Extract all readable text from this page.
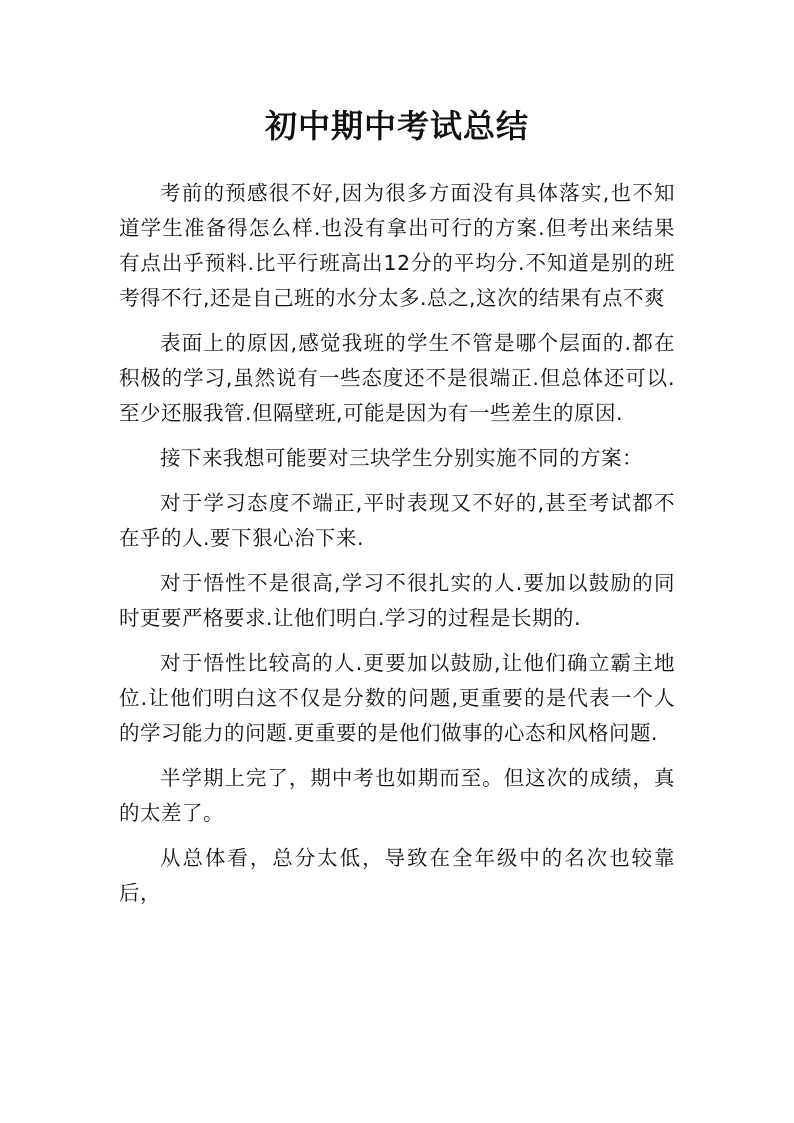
初中期中考试总结

考前的预感很不好,因为很多方面没有具体落实,也不知道学生准备得怎么样.也没有拿出可行的方案.但考出来结果有点出乎预料.比平行班高出12分的平均分.不知道是别的班考得不行,还是自己班的水分太多.总之,这次的结果有点不爽

表面上的原因,感觉我班的学生不管是哪个层面的.都在积极的学习,虽然说有一些态度还不是很端正.但总体还可以.至少还服我管.但隔壁班,可能是因为有一些差生的原因.

接下来我想可能要对三块学生分别实施不同的方案：

对于学习态度不端正,平时表现又不好的,甚至考试都不在乎的人.要下狠心治下来.

对于悟性不是很高,学习不很扎实的人.要加以鼓励的同时更要严格要求.让他们明白.学习的过程是长期的.

对于悟性比较高的人.更要加以鼓励,让他们确立霸主地位.让他们明白这不仅是分数的问题,更重要的是代表一个人的学习能力的问题.更重要的是他们做事的心态和风格问题.

半学期上完了，期中考也如期而至。但这次的成绩，真的太差了。

从总体看，总分太低，导致在全年级中的名次也较靠后，
